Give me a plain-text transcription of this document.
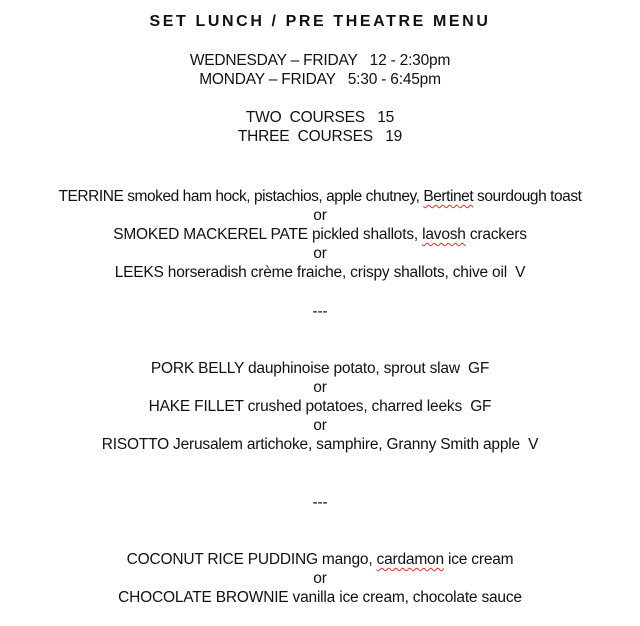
SET LUNCH / PRE THEATRE MENU
WEDNESDAY – FRIDAY   12 - 2:30pm
MONDAY – FRIDAY   5:30 - 6:45pm
TWO  COURSES   15
THREE  COURSES   19
TERRINE smoked ham hock, pistachios, apple chutney, Bertinet sourdough toast
or
SMOKED MACKEREL PATE pickled shallots, lavosh crackers
or
LEEKS horseradish crème fraiche, crispy shallots, chive oil  V
---
PORK BELLY dauphinoise potato, sprout slaw  GF
or
HAKE FILLET crushed potatoes, charred leeks  GF
or
RISOTTO Jerusalem artichoke, samphire, Granny Smith apple  V
---
COCONUT RICE PUDDING mango, cardamon ice cream
or
CHOCOLATE BROWNIE vanilla ice cream, chocolate sauce
